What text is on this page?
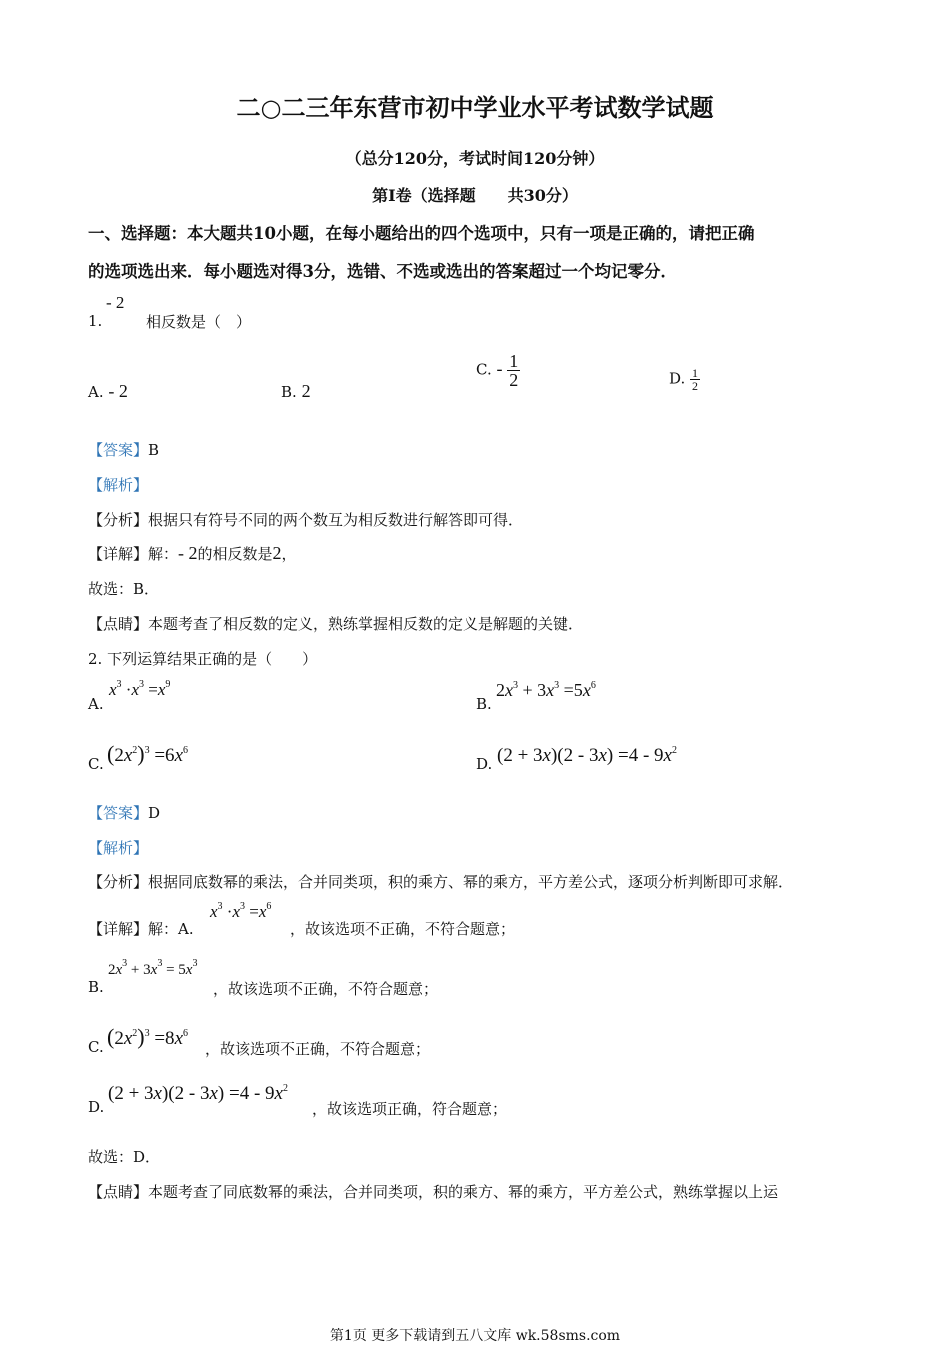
二○二三年东营市初中学业水平考试数学试题
（总分120分，考试时间120分钟）
第Ⅰ卷（选择题　　共30分）
一、选择题：本大题共10小题，在每小题给出的四个选项中，只有一项是正确的，请把正确
的选项选出来．每小题选对得3分，选错、不选或选出的答案超过一个均记零分．
1.
- 2
相反数是（　）
A. - 2	B. 2
C. - $\frac{1}{2}$	D. $\frac{1}{2}$
【答案】B
【解析】
【分析】根据只有符号不同的两个数互为相反数进行解答即可得．
【详解】解：- 2的相反数是2，
故选：B．
【点睛】本题考查了相反数的定义，熟练掌握相反数的定义是解题的关键．
2. 下列运算结果正确的是（　　）
A.
$x^3 \cdot x^3 =x^9$
B.
$2x^3 + 3x^3 =5x^6$
C. $(2x^2)^3 =6x^6$
D. $(2 + 3x)(2 - 3x) =4 - 9x^2$
【答案】D
【解析】
【分析】根据同底数幂的乘法，合并同类项，积的乘方、幂的乘方，平方差公式，逐项分析判断即可求解．
【详解】解：A.
$x^3 \cdot x^3 =x^6$
，故该选项不正确，不符合题意；
B.
$2x^3 + 3x^3 = 5x^3$
，故该选项不正确，不符合题意；
C. $(2x^2)^3 =8x^6$
，故该选项不正确，不符合题意；
D.
$(2 + 3x)(2 - 3x) =4 - 9x^2$
，故该选项正确，符合题意；
故选：D．
【点睛】本题考查了同底数幂的乘法，合并同类项，积的乘方、幂的乘方，平方差公式，熟练掌握以上运
第1页 更多下载请到五八文库 wk.58sms.com
